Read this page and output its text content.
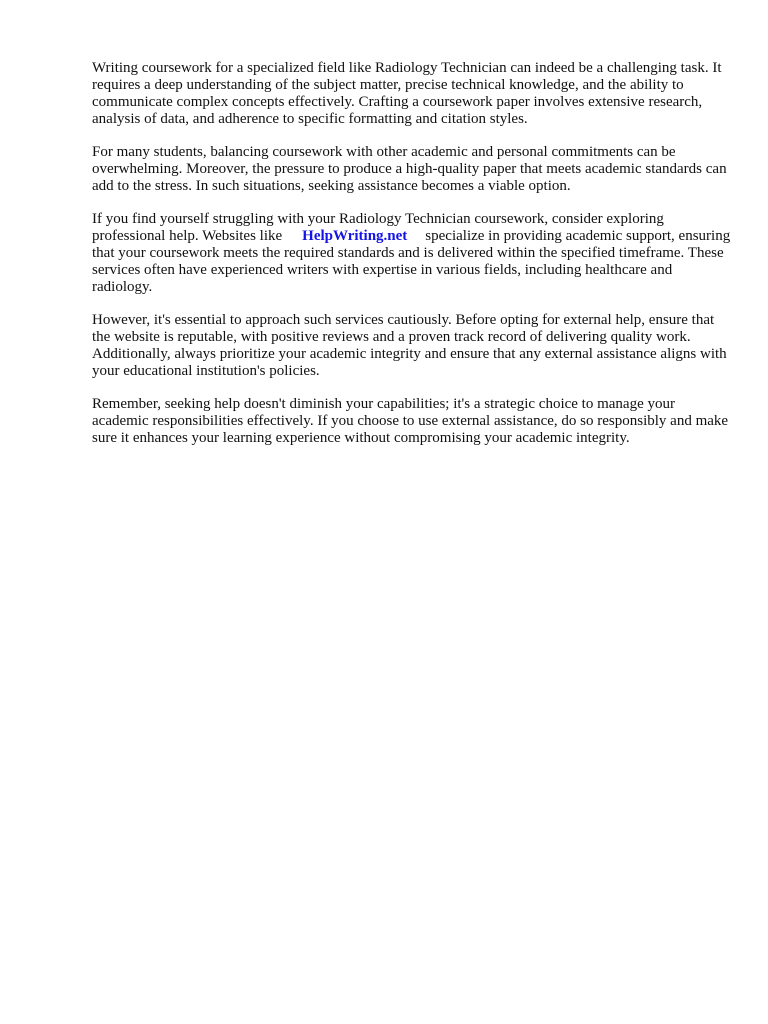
Writing coursework for a specialized field like Radiology Technician can indeed be a challenging task. It requires a deep understanding of the subject matter, precise technical knowledge, and the ability to communicate complex concepts effectively. Crafting a coursework paper involves extensive research, analysis of data, and adherence to specific formatting and citation styles.

For many students, balancing coursework with other academic and personal commitments can be overwhelming. Moreover, the pressure to produce a high-quality paper that meets academic standards can add to the stress. In such situations, seeking assistance becomes a viable option.

If you find yourself struggling with your Radiology Technician coursework, consider exploring professional help. Websites like HelpWriting.net specialize in providing academic support, ensuring that your coursework meets the required standards and is delivered within the specified timeframe. These services often have experienced writers with expertise in various fields, including healthcare and radiology.

However, it's essential to approach such services cautiously. Before opting for external help, ensure that the website is reputable, with positive reviews and a proven track record of delivering quality work. Additionally, always prioritize your academic integrity and ensure that any external assistance aligns with your educational institution's policies.

Remember, seeking help doesn't diminish your capabilities; it's a strategic choice to manage your academic responsibilities effectively. If you choose to use external assistance, do so responsibly and make sure it enhances your learning experience without compromising your academic integrity.
